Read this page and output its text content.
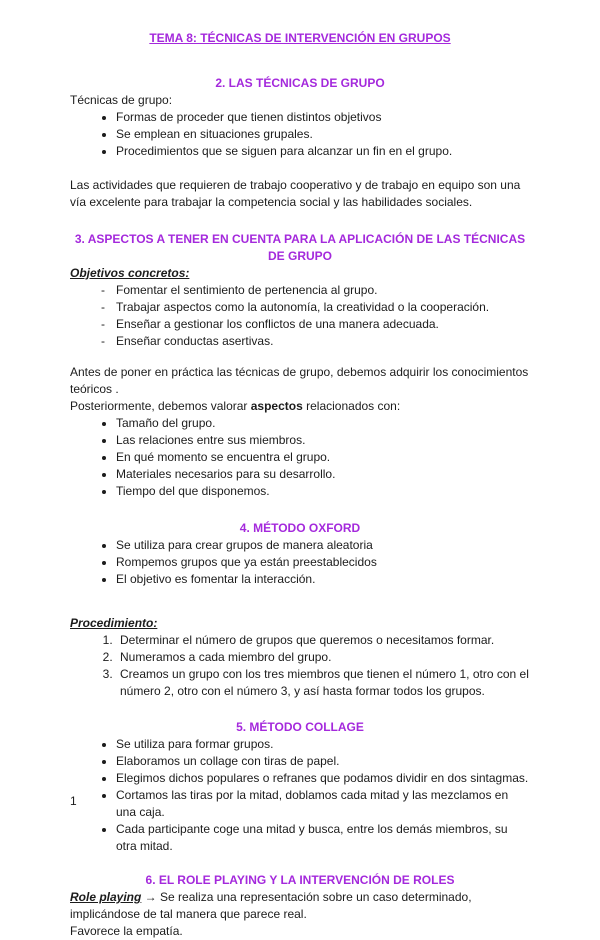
TEMA 8: TÉCNICAS DE INTERVENCIÓN EN GRUPOS
2. LAS TÉCNICAS DE GRUPO

Técnicas de grupo:

• Formas de proceder que tienen distintos objetivos
• Se emplean en situaciones grupales.
• Procedimientos que se siguen para alcanzar un fin en el grupo.

Las actividades que requieren de trabajo cooperativo y de trabajo en equipo son una vía excelente para trabajar la competencia social y las habilidades sociales.

3. ASPECTOS A TENER EN CUENTA PARA LA APLICACIÓN DE LAS TÉCNICAS DE GRUPO
Objetivos concretos:
- Fomentar el sentimiento de pertenencia al grupo.
- Trabajar aspectos como la autonomía, la creatividad o la cooperación.
- Enseñar a gestionar los conflictos de una manera adecuada.
- Enseñar conductas asertivas.

Antes de poner en práctica las técnicas de grupo, debemos adquirir los conocimientos teóricos .

Posteriormente, debemos valorar aspectos relacionados con:

• Tamaño del grupo.
• Las relaciones entre sus miembros.
• En qué momento se encuentra el grupo.
• Materiales necesarios para su desarrollo.
• Tiempo del que disponemos.
4. MÉTODO OXFORD
• Se utiliza para crear grupos de manera aleatoria
• Rompemos grupos que ya están preestablecidos
• El objetivo es fomentar la interacción.
Procedimiento:
1. Determinar el número de grupos que queremos o necesitamos formar.
2. Numeramos a cada miembro del grupo.
3. Creamos un grupo con los tres miembros que tienen el número 1, otro con el número 2, otro con el número 3, y así hasta formar todos los grupos.
5. MÉTODO COLLAGE
• Se utiliza para formar grupos.
• Elaboramos un collage con tiras de papel.
• Elegimos dichos populares o refranes que podamos dividir en dos sintagmas.
• Cortamos las tiras por la mitad, doblamos cada mitad y las mezclamos en una caja.
• Cada participante coge una mitad y busca, entre los demás miembros, su otra mitad.
6. EL ROLE PLAYING Y LA INTERVENCIÓN DE ROLES

Role playing → Se realiza una representación sobre un caso determinado, implicándose de tal manera que parece real.

Favorece la empatía.

1
